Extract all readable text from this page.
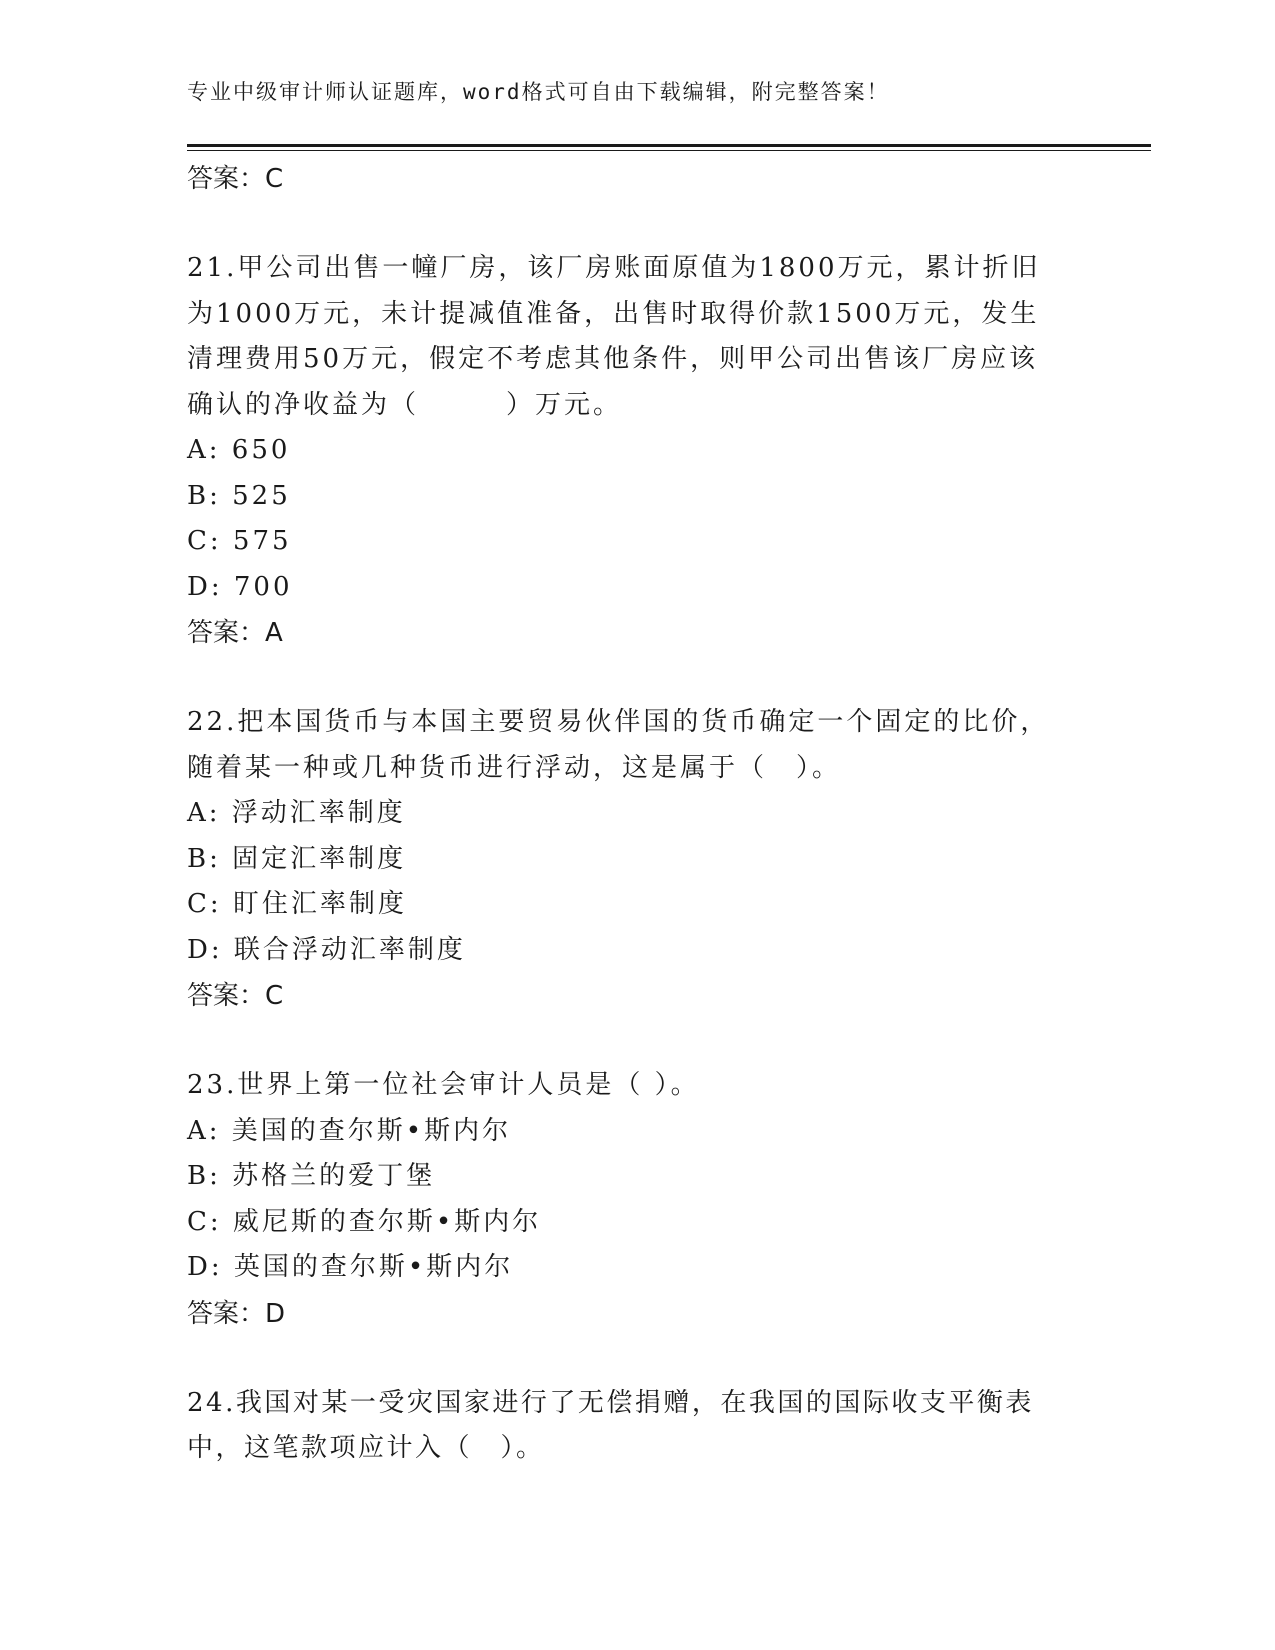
专业中级审计师认证题库，word格式可自由下载编辑，附完整答案！
答案：C
21.甲公司出售一幢厂房，该厂房账面原值为1800万元，累计折旧为1000万元，未计提减值准备，出售时取得价款1500万元，发生清理费用50万元，假定不考虑其他条件，则甲公司出售该厂房应该确认的净收益为（　　　）万元。
A: 650
B: 525
C: 575
D: 700
答案：A
22.把本国货币与本国主要贸易伙伴国的货币确定一个固定的比价，随着某一种或几种货币进行浮动，这是属于（　）。
A: 浮动汇率制度
B: 固定汇率制度
C: 盯住汇率制度
D: 联合浮动汇率制度
答案：C
23.世界上第一位社会审计人员是（ ）。
A: 美国的查尔斯•斯内尔
B: 苏格兰的爱丁堡
C: 威尼斯的查尔斯•斯内尔
D: 英国的查尔斯•斯内尔
答案：D
24.我国对某一受灾国家进行了无偿捐赠，在我国的国际收支平衡表中，这笔款项应计入（　）。
